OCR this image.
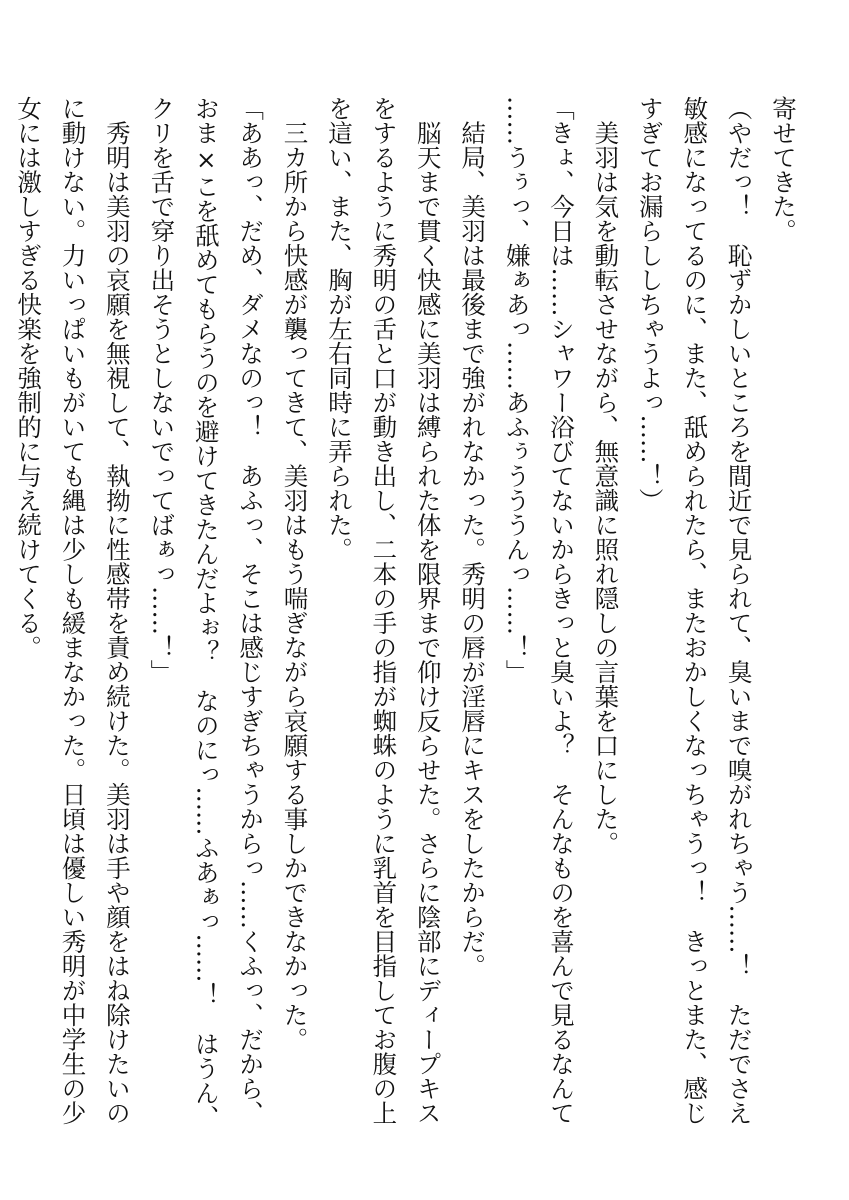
寄せてきた。

（やだっ！　恥ずかしいところを間近で見られて、臭いまで嗅がれちゃう……！　ただでさえ敏感になってるのに、また、舐められたら、またおかしくなっちゃうっ！　きっとまた、感じすぎてお漏らししちゃうよっ……！）

　美羽は気を動転させながら、無意識に照れ隠しの言葉を口にした。

「きょ、今日は……シャワー浴びてないからきっと臭いよ？　そんなものを喜んで見るなんて……うぅっ、嫌ぁあっ……あふぅうううんっ……！」

　結局、美羽は最後まで強がれなかった。秀明の唇が淫唇にキスをしたからだ。

　脳天まで貫く快感に美羽は縛られた体を限界まで仰け反らせた。さらに陰部にディープキスをするように秀明の舌と口が動き出し、二本の手の指が蜘蛛のように乳首を目指してお腹の上を這い、また、胸が左右同時に弄られた。

　三カ所から快感が襲ってきて、美羽はもう喘ぎながら哀願する事しかできなかった。

「ああっ、だめ、ダメなのっ！　あふっ、そこは感じすぎちゃうからっ……くふっ、だから、おま×こを舐めてもらうのを避けてきたんだよぉ？　なのにっ……ふあぁっ……！　はうん、クリを舌で穿り出そうとしないでってばぁっ……！」

　秀明は美羽の哀願を無視して、執拗に性感帯を責め続けた。美羽は手や顔をはね除けたいのに動けない。力いっぱいもがいても縄は少しも緩まなかった。日頃は優しい秀明が中学生の少女には激しすぎる快楽を強制的に与え続けてくる。
